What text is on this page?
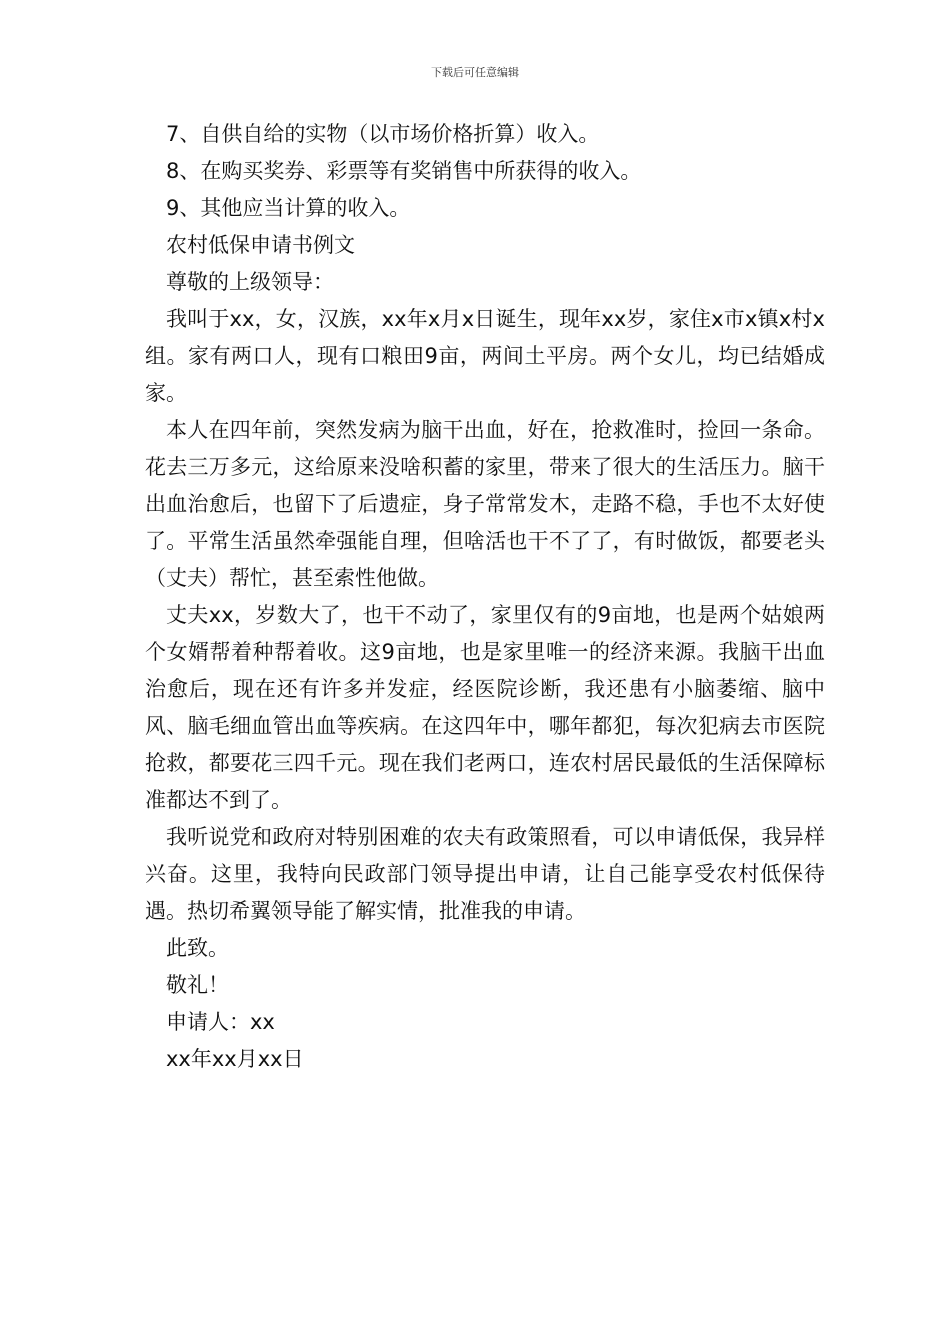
下载后可任意编辑

7、自供自给的实物（以市场价格折算）收入。

8、在购买奖券、彩票等有奖销售中所获得的收入。

9、其他应当计算的收入。

农村低保申请书例文

尊敬的上级领导：

我叫于xx，女，汉族，xx年x月x日诞生，现年xx岁，家住x市x镇x村x组。家有两口人，现有口粮田9亩，两间土平房。两个女儿，均已结婚成家。

本人在四年前，突然发病为脑干出血，好在，抢救准时，捡回一条命。花去三万多元，这给原来没啥积蓄的家里，带来了很大的生活压力。脑干出血治愈后，也留下了后遗症，身子常常发木，走路不稳，手也不太好使了。平常生活虽然牵强能自理，但啥活也干不了了，有时做饭，都要老头（丈夫）帮忙，甚至索性他做。

丈夫xx，岁数大了，也干不动了，家里仅有的9亩地，也是两个姑娘两个女婿帮着种帮着收。这9亩地，也是家里唯一的经济来源。我脑干出血治愈后，现在还有许多并发症，经医院诊断，我还患有小脑萎缩、脑中风、脑毛细血管出血等疾病。在这四年中，哪年都犯，每次犯病去市医院抢救，都要花三四千元。现在我们老两口，连农村居民最低的生活保障标准都达不到了。

我听说党和政府对特别困难的农夫有政策照看，可以申请低保，我异样兴奋。这里，我特向民政部门领导提出申请，让自己能享受农村低保待遇。热切希翼领导能了解实情，批准我的申请。

此致。

敬礼！

申请人：xx

xx年xx月xx日
